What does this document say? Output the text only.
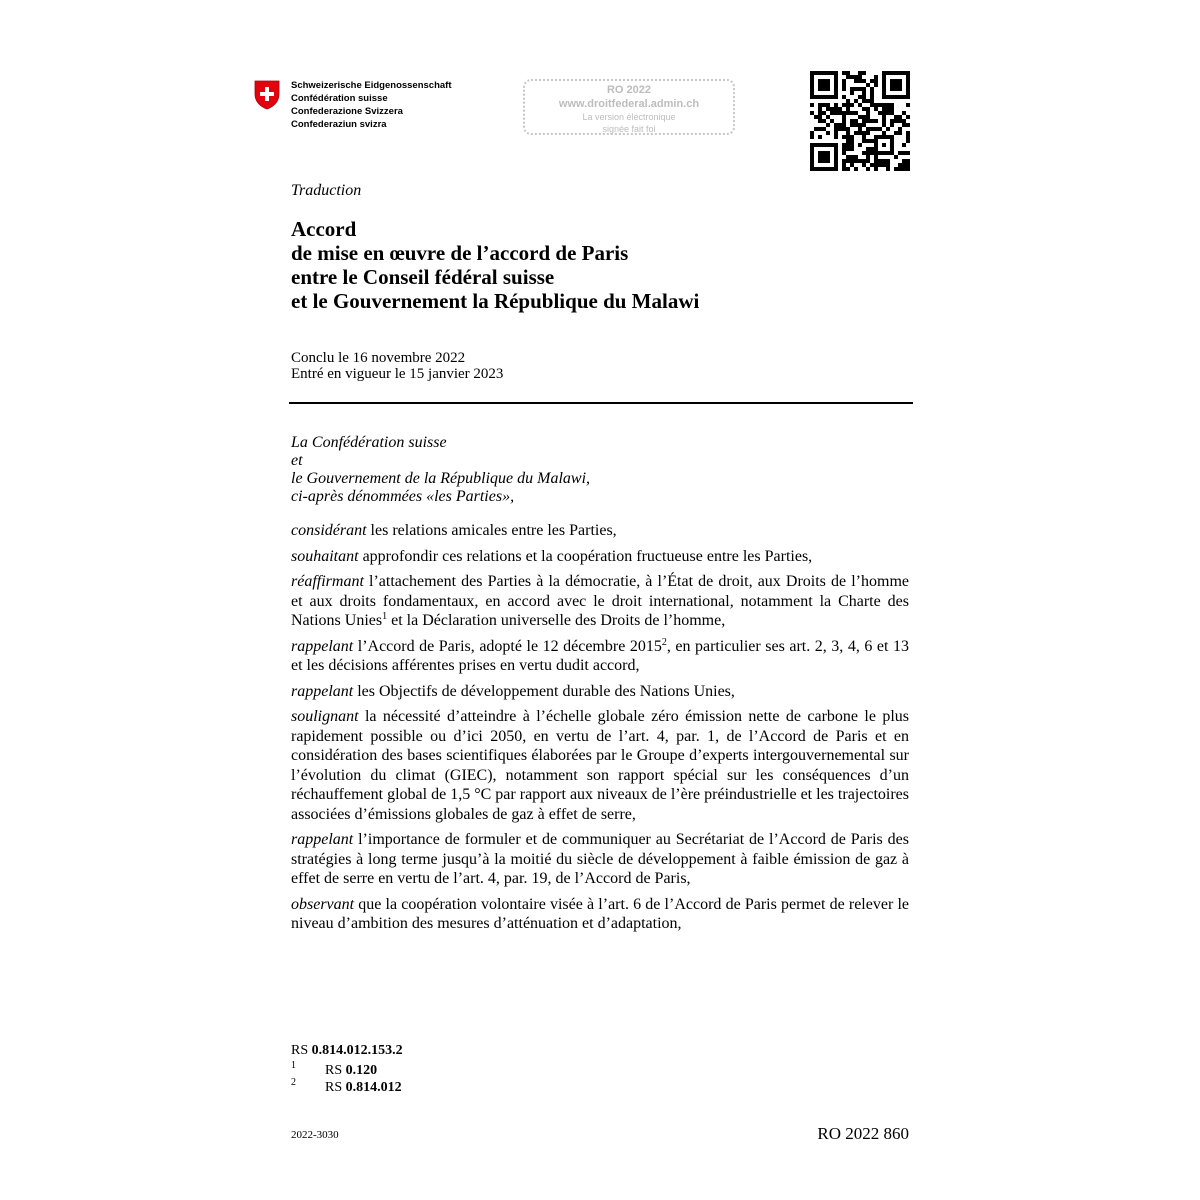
Schweizerische Eidgenossenschaft
Confédération suisse
Confederazione Svizzera
Confederaziun svizra
RO 2022
www.droitfederal.admin.ch
La version électronique
signée fait foi
Traduction
Accord
de mise en œuvre de l’accord de Paris
entre le Conseil fédéral suisse
et le Gouvernement la République du Malawi
Conclu le 16 novembre 2022
Entré en vigueur le 15 janvier 2023
La Confédération suisse
et
le Gouvernement de la République du Malawi,
ci-après dénommées «les Parties»,

considérant les relations amicales entre les Parties,

souhaitant approfondir ces relations et la coopération fructueuse entre les Parties,

réaffirmant l’attachement des Parties à la démocratie, à l’État de droit, aux Droits de l’homme et aux droits fondamentaux, en accord avec le droit international, notamment la Charte des Nations Unies$^1$ et la Déclaration universelle des Droits de l’homme,

rappelant l’Accord de Paris, adopté le 12 décembre 2015$^2$, en particulier ses art. 2, 3, 4, 6 et 13 et les décisions afférentes prises en vertu dudit accord,

rappelant les Objectifs de développement durable des Nations Unies,

soulignant la nécessité d’atteindre à l’échelle globale zéro émission nette de carbone le plus rapidement possible ou d’ici 2050, en vertu de l’art. 4, par. 1, de l’Accord de Paris et en considération des bases scientifiques élaborées par le Groupe d’experts intergouvernemental sur l’évolution du climat (GIEC), notamment son rapport spécial sur les conséquences d’un réchauffement global de 1,5 °C par rapport aux niveaux de l’ère préindustrielle et les trajectoires associées d’émissions globales de gaz à effet de serre,

rappelant l’importance de formuler et de communiquer au Secrétariat de l’Accord de Paris des stratégies à long terme jusqu’à la moitié du siècle de développement à faible émission de gaz à effet de serre en vertu de l’art. 4, par. 19, de l’Accord de Paris,

observant que la coopération volontaire visée à l’art. 6 de l’Accord de Paris permet de relever le niveau d’ambition des mesures d’atténuation et d’adaptation,

RS 0.814.012.153.2
1 RS 0.120
2 RS 0.814.012
2022-3030	RO 2022 860
